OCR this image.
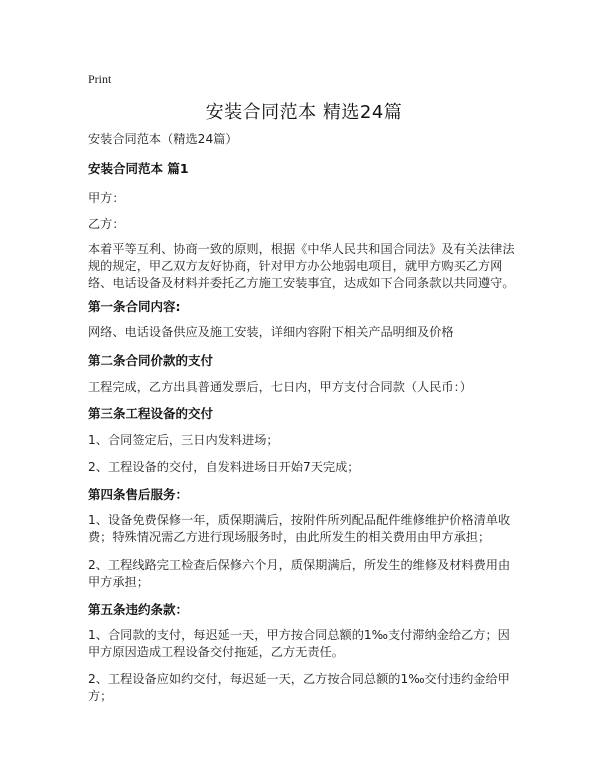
Print
安装合同范本 精选24篇
安装合同范本（精选24篇）
安装合同范本 篇1
甲方：
乙方：
本着平等互利、协商一致的原则，根据《中华人民共和国合同法》及有关法律法规的规定，甲乙双方友好协商，针对甲方办公地弱电项目，就甲方购买乙方网络、电话设备及材料并委托乙方施工安装事宜，达成如下合同条款以共同遵守。
第一条合同内容:
网络、电话设备供应及施工安装，详细内容附下相关产品明细及价格
第二条合同价款的支付
工程完成，乙方出具普通发票后，七日内，甲方支付合同款（人民币：）
第三条工程设备的交付
1、合同签定后，三日内发料进场；
2、工程设备的交付，自发料进场日开始7天完成；
第四条售后服务：
1、设备免费保修一年，质保期满后，按附件所列配品配件维修维护价格清单收费；特殊情况需乙方进行现场服务时，由此所发生的相关费用由甲方承担；
2、工程线路完工检查后保修六个月，质保期满后，所发生的维修及材料费用由甲方承担；
第五条违约条款：
1、合同款的支付，每迟延一天，甲方按合同总额的1‰支付滞纳金给乙方；因甲方原因造成工程设备交付拖延，乙方无责任。
2、工程设备应如约交付，每迟延一天，乙方按合同总额的1‰交付违约金给甲方；
